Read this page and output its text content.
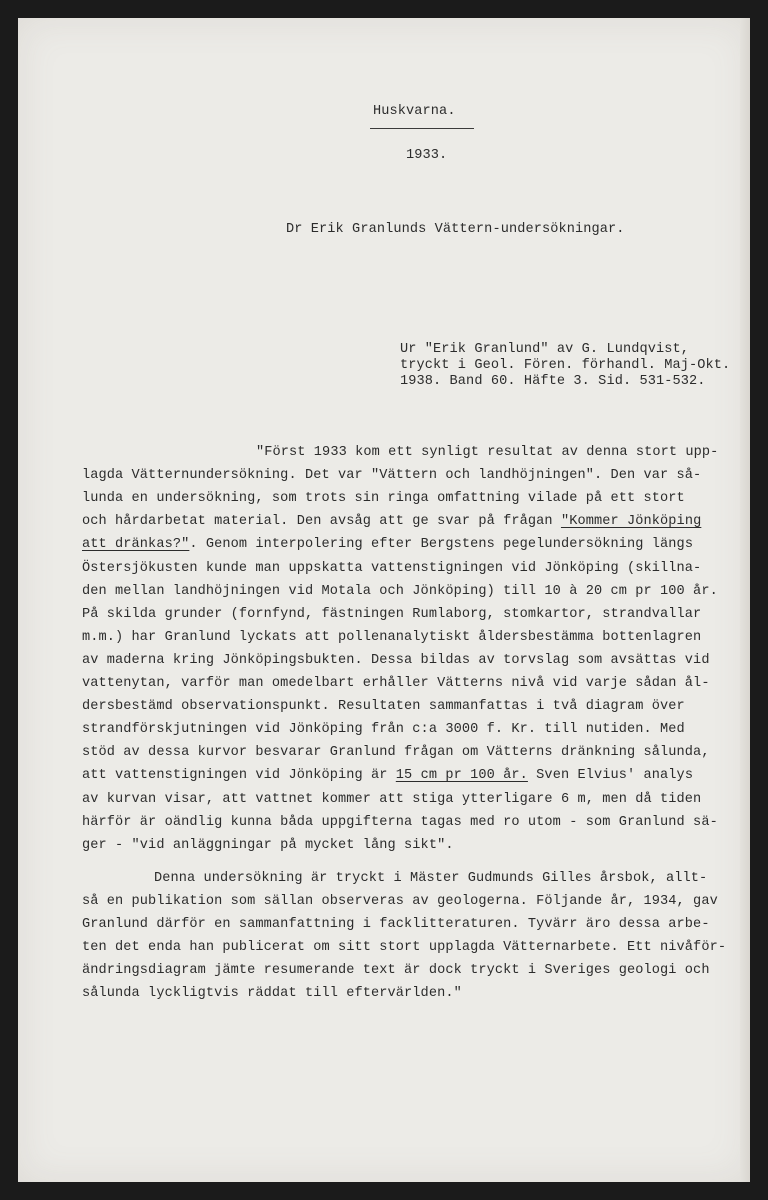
Huskvarna.
1933.
Dr Erik Granlunds Vättern-undersökningar.
Ur "Erik Granlund" av G. Lundqvist,
tryckt i Geol. Fören. förhandl. Maj-Okt.
1938. Band 60. Häfte 3. Sid. 531-532.
"Först 1933 kom ett synligt resultat av denna stort upp-
lagda Vätternundersökning. Det var "Vättern och landhöjningen". Den var så-
lunda en undersökning, som trots sin ringa omfattning vilade på ett stort
och hårdarbetat material. Den avsåg att ge svar på frågan "Kommer Jönköping
att dränkas?". Genom interpolering efter Bergstens pegelundersökning längs
Östersjökusten kunde man uppskatta vattenstigningen vid Jönköping (skillna-
den mellan landhöjningen vid Motala och Jönköping) till 10 à 20 cm pr 100 år.
På skilda grunder (fornfynd, fästningen Rumlaborg, stomkartor, strandvallar
m.m.) har Granlund lyckats att pollenanalytiskt åldersbestämma bottenlagren
av maderna kring Jönköpingsbukten. Dessa bildas av torvslag som avsättas vid
vattenytan, varför man omedelbart erhåller Vätterns nivå vid varje sådan ål-
dersbestämd observationspunkt. Resultaten sammanfattas i två diagram över
strandförskjutningen vid Jönköping från c:a 3000 f. Kr. till nutiden. Med
stöd av dessa kurvor besvarar Granlund frågan om Vätterns dränkning sålunda,
att vattenstigningen vid Jönköping är 15 cm pr 100 år. Sven Elvius' analys
av kurvan visar, att vattnet kommer att stiga ytterligare 6 m, men då tiden
härför är oändlig kunna båda uppgifterna tagas med ro utom - som Granlund sä-
ger - "vid anläggningar på mycket lång sikt".
Denna undersökning är tryckt i Mäster Gudmunds Gilles årsbok, allt-
så en publikation som sällan observeras av geologerna. Följande år, 1934, gav
Granlund därför en sammanfattning i facklitteraturen. Tyvärr äro dessa arbe-
ten det enda han publicerat om sitt stort upplagda Vätternarbete. Ett nivåför-
ändringsdiagram jämte resumerande text är dock tryckt i Sveriges geologi och
sålunda lyckligtvis räddat till eftervärlden."
